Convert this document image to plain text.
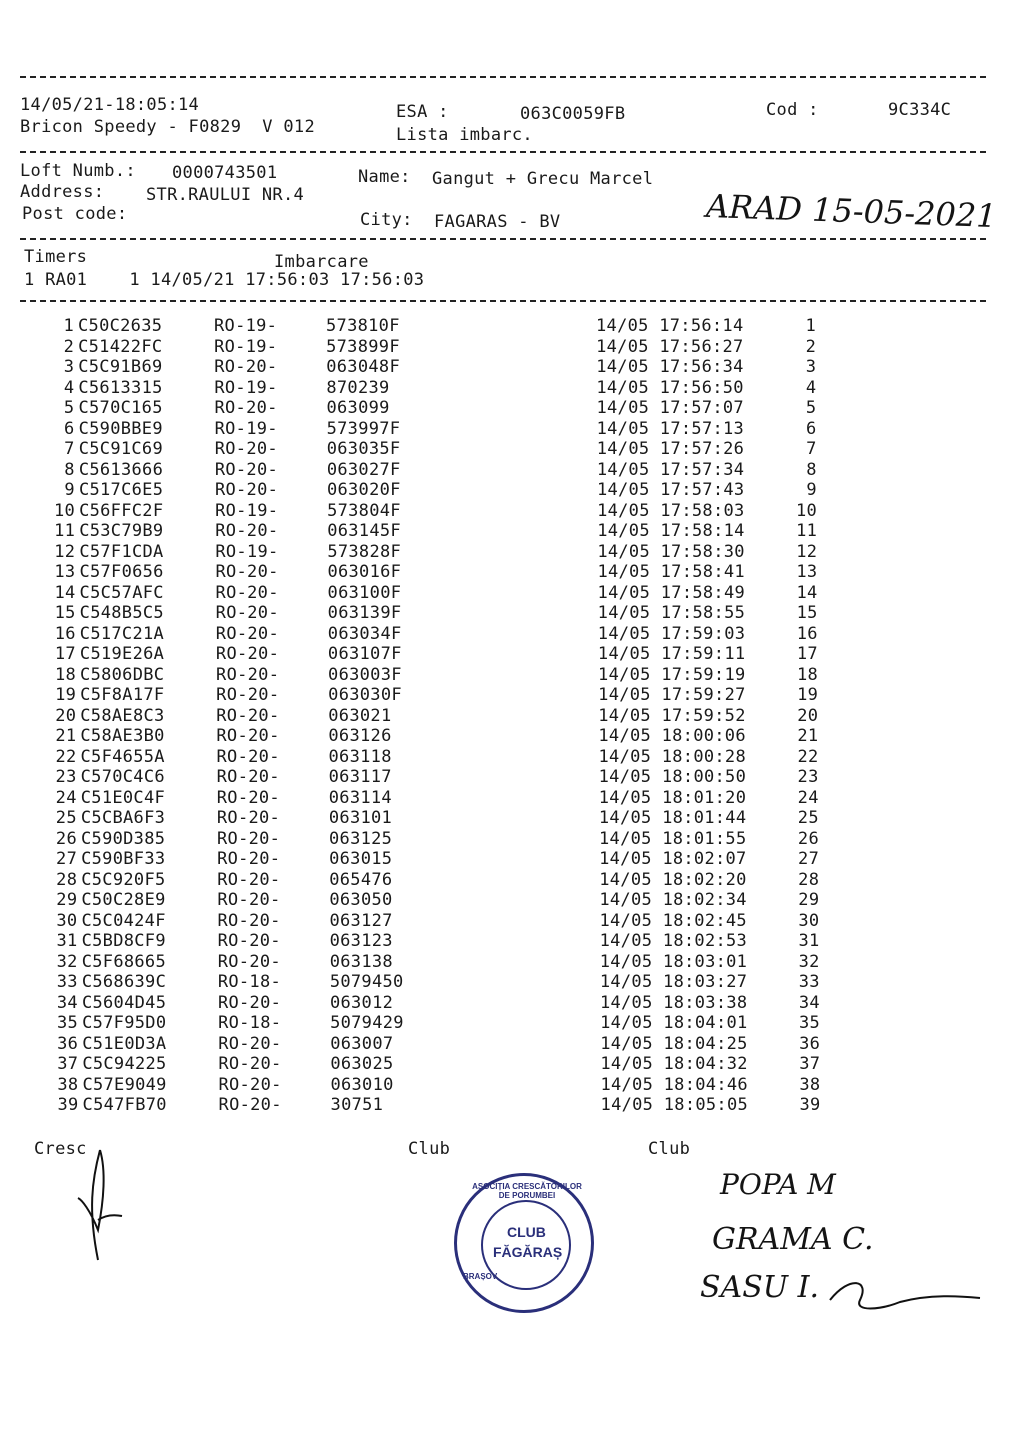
14/05/21-18:05:14	ESA :	063C0059FB	Cod :	9C334C
Bricon Speedy - F0829  V 012	Lista imbarc.
Loft Numb.: 0000743501	Name: Gangut + Grecu Marcel
Address: STR.RAULUI NR.4
Post code:	City: FAGARAS - BV	ARAD 15-05-2021
Timers	Imbarcare
1 RA01    1 14/05/21 17:56:03 17:56:03
1 C50C2635	RO-19-	573810F	14/05 17:56:14	1
2 C51422FC	RO-19-	573899F	14/05 17:56:27	2
3 C5C91B69	RO-20-	063048F	14/05 17:56:34	3
4 C5613315	RO-19-	870239	14/05 17:56:50	4
5 C570C165	RO-20-	063099	14/05 17:57:07	5
6 C590BBE9	RO-19-	573997F	14/05 17:57:13	6
7 C5C91C69	RO-20-	063035F	14/05 17:57:26	7
8 C5613666	RO-20-	063027F	14/05 17:57:34	8
9 C517C6E5	RO-20-	063020F	14/05 17:57:43	9
10 C56FFC2F	RO-19-	573804F	14/05 17:58:03	10
11 C53C79B9	RO-20-	063145F	14/05 17:58:14	11
12 C57F1CDA	RO-19-	573828F	14/05 17:58:30	12
13 C57F0656	RO-20-	063016F	14/05 17:58:41	13
14 C5C57AFC	RO-20-	063100F	14/05 17:58:49	14
15 C548B5C5	RO-20-	063139F	14/05 17:58:55	15
16 C517C21A	RO-20-	063034F	14/05 17:59:03	16
17 C519E26A	RO-20-	063107F	14/05 17:59:11	17
18 C5806DBC	RO-20-	063003F	14/05 17:59:19	18
19 C5F8A17F	RO-20-	063030F	14/05 17:59:27	19
20 C58AE8C3	RO-20-	063021	14/05 17:59:52	20
21 C58AE3B0	RO-20-	063126	14/05 18:00:06	21
22 C5F4655A	RO-20-	063118	14/05 18:00:28	22
23 C570C4C6	RO-20-	063117	14/05 18:00:50	23
24 C51E0C4F	RO-20-	063114	14/05 18:01:20	24
25 C5CBA6F3	RO-20-	063101	14/05 18:01:44	25
26 C590D385	RO-20-	063125	14/05 18:01:55	26
27 C590BF33	RO-20-	063015	14/05 18:02:07	27
28 C5C920F5	RO-20-	065476	14/05 18:02:20	28
29 C50C28E9	RO-20-	063050	14/05 18:02:34	29
30 C5C0424F	RO-20-	063127	14/05 18:02:45	30
31 C5BD8CF9	RO-20-	063123	14/05 18:02:53	31
32 C5F68665	RO-20-	063138	14/05 18:03:01	32
33 C568639C	RO-18-	5079450	14/05 18:03:27	33
34 C5604D45	RO-20-	063012	14/05 18:03:38	34
35 C57F95D0	RO-18-	5079429	14/05 18:04:01	35
36 C51E0D3A	RO-20-	063007	14/05 18:04:25	36
37 C5C94225	RO-20-	063025	14/05 18:04:32	37
38 C57E9049	RO-20-	063010	14/05 18:04:46	38
39 C547FB70	RO-20-	30751	14/05 18:05:05	39
Cresc	Club	Club
ASOCIȚIA CRESCĂTORILOR DE PORUMBEI
CLUB
FĂGĂRAȘ
BRAȘOV
POPA M
GRAMA C.
SASU I.
